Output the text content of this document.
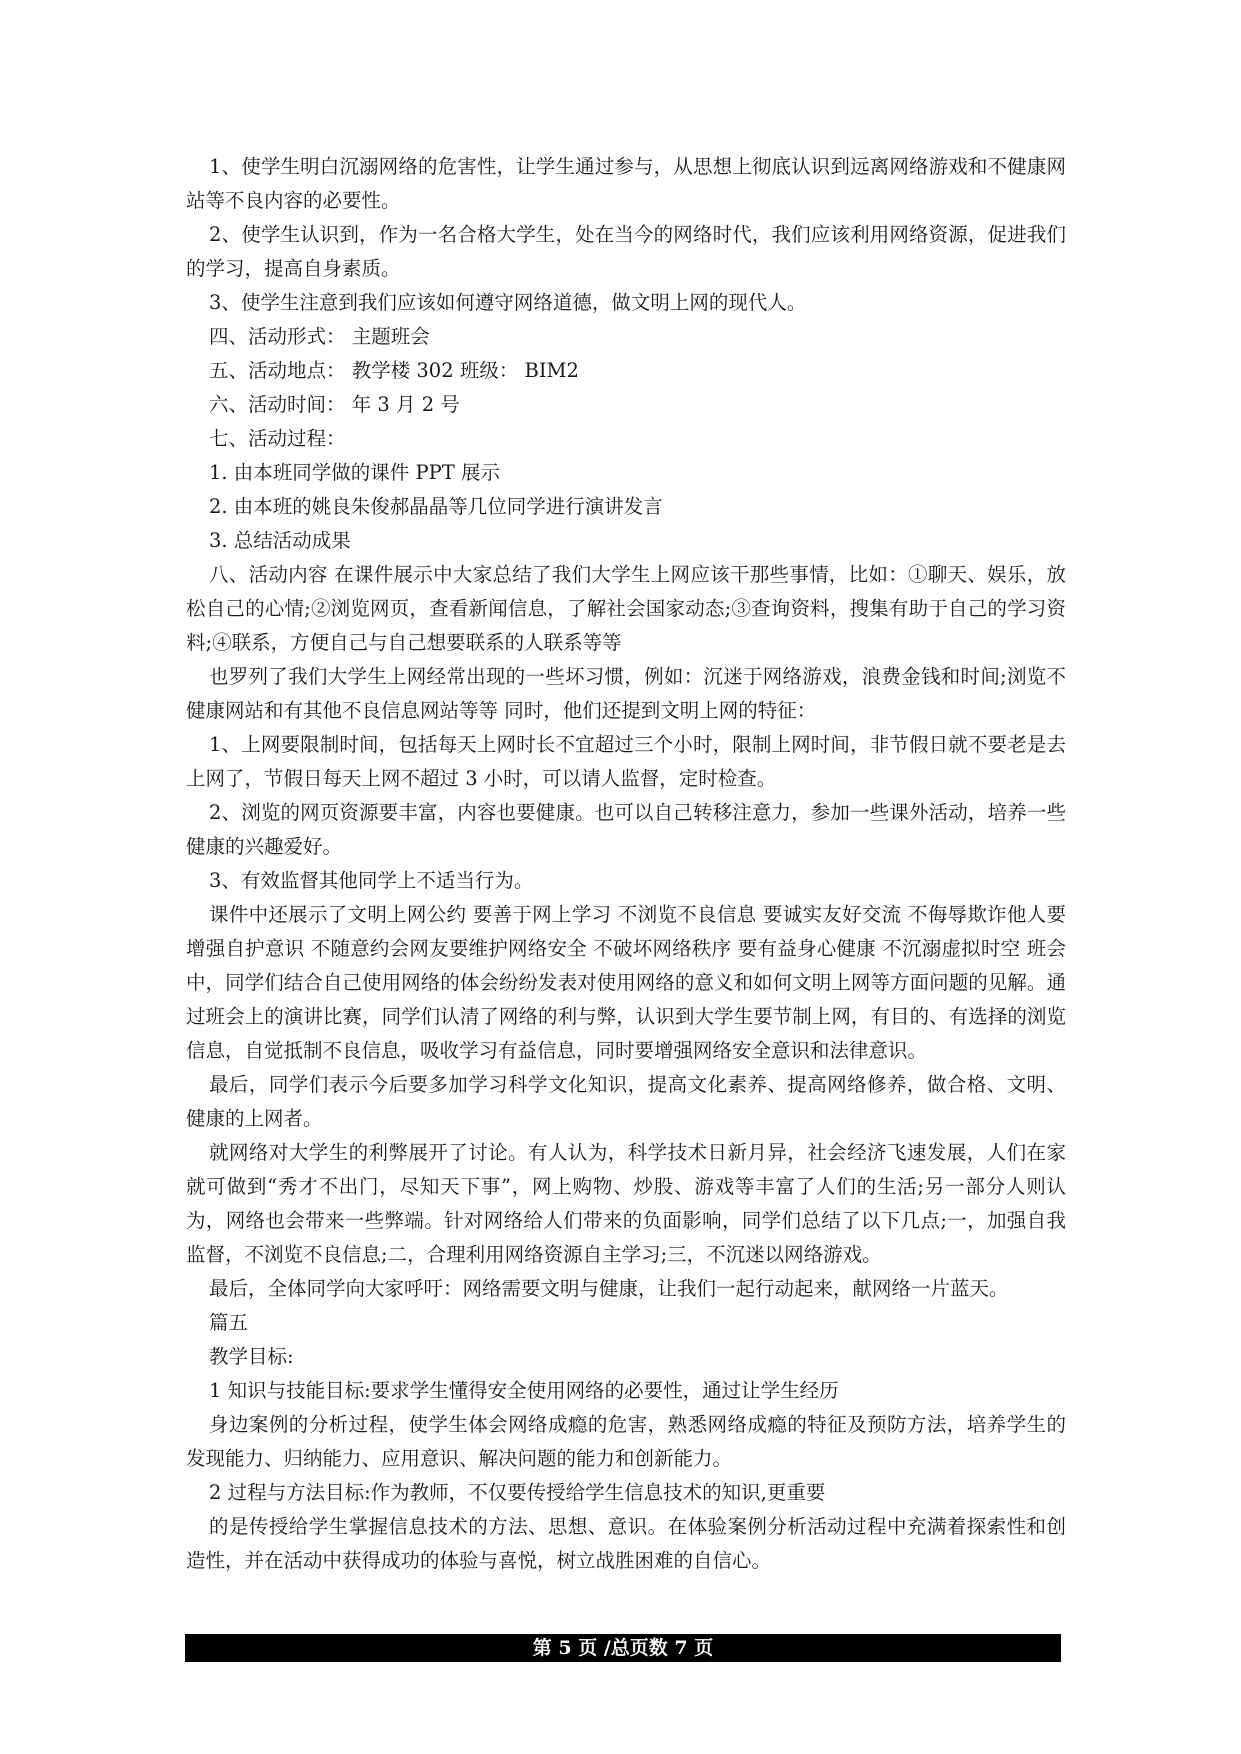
1、使学生明白沉溺网络的危害性，让学生通过参与，从思想上彻底认识到远离网络游戏和不健康网站等不良内容的必要性。

2、使学生认识到，作为一名合格大学生，处在当今的网络时代，我们应该利用网络资源，促进我们的学习，提高自身素质。

3、使学生注意到我们应该如何遵守网络道德，做文明上网的现代人。

四、活动形式： 主题班会

五、活动地点： 教学楼 302 班级： BIM2

六、活动时间： 年 3 月 2 号

七、活动过程：

1. 由本班同学做的课件 PPT 展示

2. 由本班的姚良朱俊郝晶晶等几位同学进行演讲发言

3. 总结活动成果

八、活动内容 在课件展示中大家总结了我们大学生上网应该干那些事情，比如：①聊天、娱乐，放松自己的心情;②浏览网页，查看新闻信息，了解社会国家动态;③查询资料，搜集有助于自己的学习资料;④联系，方便自己与自己想要联系的人联系等等

也罗列了我们大学生上网经常出现的一些坏习惯，例如：沉迷于网络游戏，浪费金钱和时间;浏览不健康网站和有其他不良信息网站等等 同时，他们还提到文明上网的特征：

1、上网要限制时间，包括每天上网时长不宜超过三个小时，限制上网时间，非节假日就不要老是去上网了，节假日每天上网不超过 3 小时，可以请人监督，定时检查。

2、浏览的网页资源要丰富，内容也要健康。也可以自己转移注意力，参加一些课外活动，培养一些健康的兴趣爱好。

3、有效监督其他同学上不适当行为。

课件中还展示了文明上网公约 要善于网上学习 不浏览不良信息 要诚实友好交流 不侮辱欺诈他人要增强自护意识 不随意约会网友要维护网络安全 不破坏网络秩序 要有益身心健康 不沉溺虚拟时空 班会中，同学们结合自己使用网络的体会纷纷发表对使用网络的意义和如何文明上网等方面问题的见解。通过班会上的演讲比赛，同学们认清了网络的利与弊，认识到大学生要节制上网，有目的、有选择的浏览信息，自觉抵制不良信息，吸收学习有益信息，同时要增强网络安全意识和法律意识。

最后，同学们表示今后要多加学习科学文化知识，提高文化素养、提高网络修养，做合格、文明、健康的上网者。

就网络对大学生的利弊展开了讨论。有人认为，科学技术日新月异，社会经济飞速发展，人们在家就可做到“秀才不出门，尽知天下事”，网上购物、炒股、游戏等丰富了人们的生活;另一部分人则认为，网络也会带来一些弊端。针对网络给人们带来的负面影响，同学们总结了以下几点;一，加强自我监督，不浏览不良信息;二，合理利用网络资源自主学习;三，不沉迷以网络游戏。

最后，全体同学向大家呼吁：网络需要文明与健康，让我们一起行动起来，献网络一片蓝天。

篇五

教学目标:

1 知识与技能目标:要求学生懂得安全使用网络的必要性，通过让学生经历

身边案例的分析过程，使学生体会网络成瘾的危害，熟悉网络成瘾的特征及预防方法，培养学生的发现能力、归纳能力、应用意识、解决问题的能力和创新能力。

2 过程与方法目标:作为教师，不仅要传授给学生信息技术的知识,更重要

的是传授给学生掌握信息技术的方法、思想、意识。在体验案例分析活动过程中充满着探索性和创造性，并在活动中获得成功的体验与喜悦，树立战胜困难的自信心。

第 5 页 /总页数 7 页
